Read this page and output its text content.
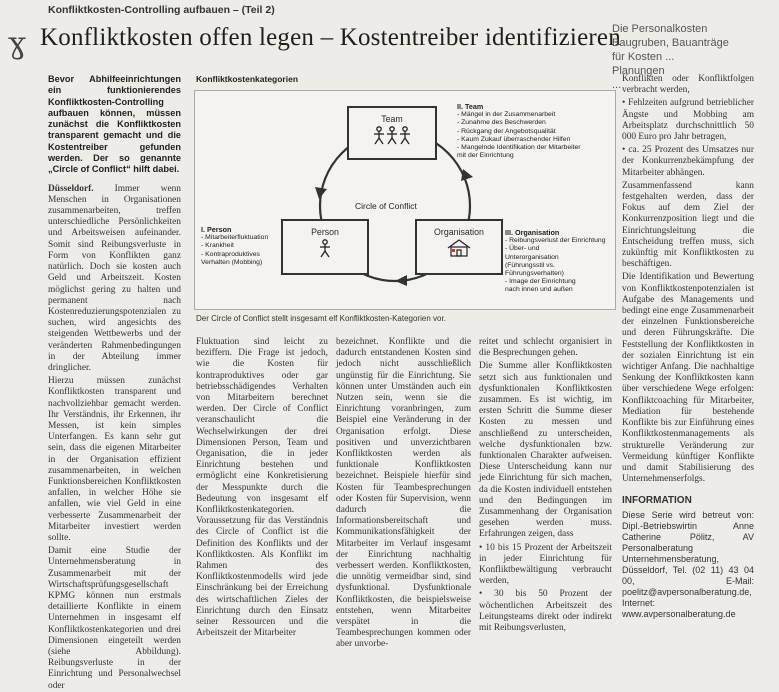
Konfliktkosten-Controlling aufbauen – (Teil 2)
ɣ Konfliktkosten offen legen – Kostentreiber identifizieren

Bevor Abhilfeeinrichtungen ein funktionierendes Konfliktkosten-Controlling aufbauen können, müssen zunächst die Konfliktkosten transparent gemacht und die Kostentreiber gefunden werden. Der so genannte „Circle of Conflict“ hilft dabei.

Düsseldorf. Immer wenn Menschen in Organisationen zusammenarbeiten, treffen unterschiedliche Persönlichkeiten und Arbeitsweisen aufeinander. Somit sind Reibungsverluste in Form von Konflikten ganz natürlich. Doch sie kosten auch Geld und Arbeitszeit. Kosten möglichst gering zu halten und permanent nach Kostenreduzierungspotenzialen zu suchen, wird angesichts des steigenden Wettbewerbs und der veränderten Rahmenbedingungen in der Abteilung immer dringlicher.

Hierzu müssen zunächst Konfliktkosten transparent und nachvollziehbar gemacht werden. Ihr Verständnis, ihr Erkennen, ihr Messen, ist kein simples Unterfangen. Es kann sehr gut sein, dass die eigenen Mitarbeiter in der Organisation effizient zusammenarbeiten, in welchen Funktionsbereichen Konfliktkosten anfallen, in welcher Höhe sie anfallen, wie viel Geld in eine verbesserte Zusammenarbeit der Mitarbeiter investiert werden sollte.

Damit eine Studie der Unternehmensberatung in Zusammenarbeit mit der Wirtschaftsprüfungsgesellschaft KPMG können nun erstmals detaillierte Konflikte in einem Unternehmen in insgesamt elf Konfliktkostenkategorien und drei Dimensionen eingeteilt werden (siehe Abbildung). Reibungsverluste in der Einrichtung und Personalwechsel oder

Konfliktkostenkategorien
Team
Person	Organisation
Circle of Conflict
II. Team
- Mängel in der Zusammenarbeit
- Zunahme des Beschwerden
- Rückgang der Angebotsqualität
- Kaum Zukauf überraschender Hilfen
- Mangelnde Identifikation der Mitarbeiter
mit der Einrichtung
I. Person
- Mitarbeiterfluktuation
- Krankheit
- Kontraproduktives
Verhalten (Mobbing)
III. Organisation
- Reibungsverlust der Einrichtung
- Über- und
Unterorganisation
(Führungsstil vs.
Führungsverhalten)
- Image der Einrichtung
nach innen und außen
Der Circle of Conflict stellt insgesamt elf Konfliktkosten-Kategorien vor.

Fluktuation sind leicht zu beziffern. Die Frage ist jedoch, wie die Kosten für kontraproduktives oder gar betriebsschädigendes Verhalten von Mitarbeitern berechnet werden. Der Circle of Conflict veranschaulicht die Wechselwirkungen der drei Dimensionen Person, Team und Organisation, die in jeder Einrichtung bestehen und ermöglicht eine Konkretisierung der Messpunkte durch die Bedeutung von insgesamt elf Konfliktkostenkategorien. Voraussetzung für das Verständnis des Circle of Conflict ist die Definition des Konflikts und der Konfliktkosten. Als Konflikt im Rahmen des Konfliktkostenmodells wird jede Einschränkung bei der Erreichung des wirtschaftlichen Zieles der Einrichtung durch den Einsatz seiner Ressourcen und die Arbeitszeit der Mitarbeiter

bezeichnet. Konflikte und die dadurch entstandenen Kosten sind jedoch nicht ausschließlich ungünstig für die Einrichtung. Sie können unter Umständen auch ein Nutzen sein, wenn sie die Einrichtung voranbringen, zum Beispiel eine Veränderung in der Organisation erfolgt. Diese positiven und unverzichtbaren Konfliktkosten werden als funktionale Konfliktkosten bezeichnet. Beispiele hierfür sind Kosten für Teambesprechungen oder Kosten für Supervision, wenn dadurch die Informationsbereitschaft und Kommunikationsfähigkeit der Mitarbeiter im Verlauf insgesamt der Einrichtung nachhaltig verbessert werden. Konfliktkosten, die unnötig vermeidbar sind, sind dysfunktional. Dysfunktionale Konfliktkosten, die beispielsweise entstehen, wenn Mitarbeiter verspätet in die Teambesprechungen kommen oder aber unvorbe-

reitet und schlecht organisiert in die Besprechungen gehen.

Die Summe aller Konfliktkosten setzt sich aus funktionalen und dysfunktionalen Konfliktkosten zusammen. Es ist wichtig, im ersten Schritt die Summe dieser Kosten zu messen und anschließend zu unterscheiden, welche dysfunktionalen bzw. funktionalen Charakter aufweisen. Diese Unterscheidung kann nur jede Einrichtung für sich machen, da die Kosten individuell entstehen und den Bedingungen im Zusammenhang der Organisation gesehen werden muss. Erfahrungen zeigen, dass

• 10 bis 15 Prozent der Arbeitszeit in jeder Einrichtung für Konfliktbewältigung verbraucht werden,

• 30 bis 50 Prozent der wöchentlichen Arbeitszeit des Leitungsteams direkt oder indirekt mit Reibungsverlusten,

Konflikten oder Konfliktfolgen verbracht werden,

• Fehlzeiten aufgrund betrieblicher Ängste und Mobbing am Arbeitsplatz durchschnittlich 50 000 Euro pro Jahr betragen,

• ca. 25 Prozent des Umsatzes nur der Konkurrenzbekämpfung der Mitarbeiter abhängen.

Zusammenfassend kann festgehalten werden, dass der Fokus auf dem Ziel der Konkurrenzposition liegt und die Einrichtungsleitung die Entscheidung treffen muss, sich zukünftig mit Konfliktkosten zu beschäftigen.

Die Identifikation und Bewertung von Konfliktkostenpotenzialen ist Aufgabe des Managements und bedingt eine enge Zusammenarbeit der einzelnen Funktionsbereiche und deren Führungskräfte. Die Feststellung der Konfliktkosten in der sozialen Einrichtung ist ein wichtiger Anfang. Die nachhaltige Senkung der Konfliktkosten kann über verschiedene Wege erfolgen: Konfliktcoaching für Mitarbeiter, Mediation für bestehende Konflikte bis zur Einführung eines Konfliktkostenmanagements als strukturelle Veränderung zur Vermeidung künftiger Konflikte und damit Stabilisierung des Unternehmenserfolgs.

INFORMATION
Diese Serie wird betreut von: Dipl.-Betriebswirtin Anne Catherine Pölitz, AV Personalberatung Unternehmensberatung, Düsseldorf, Tel. (02 11) 43 04 00, E-Mail: poelitz@avpersonalberatung.de, Internet: www.avpersonalberatung.de
Die Personalkosten
Baugruben, Bauanträge
für Kosten ...
Planungen
...
